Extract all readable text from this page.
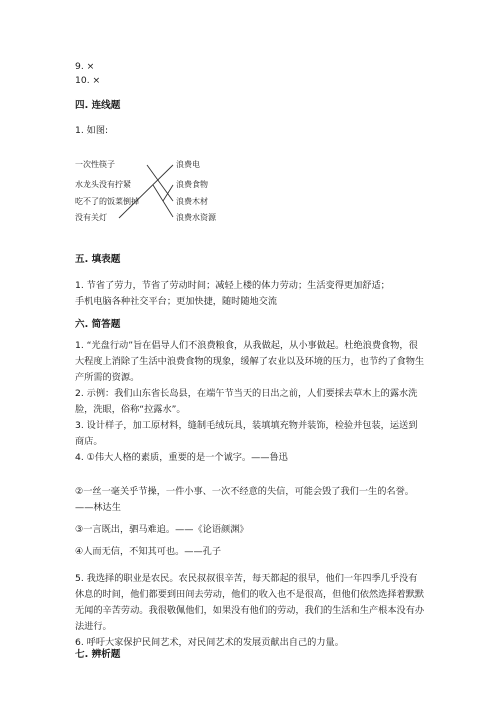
9. ×
10. ×
四. 连线题
1. 如图:
一次性筷子
水龙头没有拧紧
吃不了的饭菜倒掉
没有关灯
浪费电
浪费食物
浪费木材
浪费水资源
五. 填表题
1. 节省了劳力，节省了劳动时间；减轻上楼的体力劳动；生活变得更加舒适；
手机电脑各种社交平台；更加快捷，随时随地交流
六. 简答题

1. “光盘行动”旨在倡导人们不浪费粮食，从我做起，从小事做起。杜绝浪费食物，很大程度上消除了生活中浪费食物的现象，缓解了农业以及环境的压力，也节约了食物生产所需的资源。

2. 示例：我们山东省长岛县，在端午节当天的日出之前，人们要採去草木上的露水洗脸，洗眼，俗称“拉露水”。

3. 设计样子，加工原材料，缝制毛绒玩具，装填填充物并装饰，检验并包装，运送到商店。

4. ①伟大人格的素质，重要的是一个诚字。——鲁迅

②一丝一毫关乎节操，一件小事、一次不经意的失信，可能会毁了我们一生的名誉。——林达生
③一言既出，驷马难追。——《论语颜渊》
④人而无信，不知其可也。——孔子

5. 我选择的职业是农民。农民叔叔很辛苦，每天都起的很早，他们一年四季几乎没有休息的时间，他们都要到田间去劳动，他们的收入也不是很高，但他们依然选择着默默无闻的辛苦劳动。我很敬佩他们，如果没有他们的劳动，我们的生活和生产根本没有办法进行。

6. 呼吁大家保护民间艺术，对民间艺术的发展贡献出自己的力量。

七. 辨析题
